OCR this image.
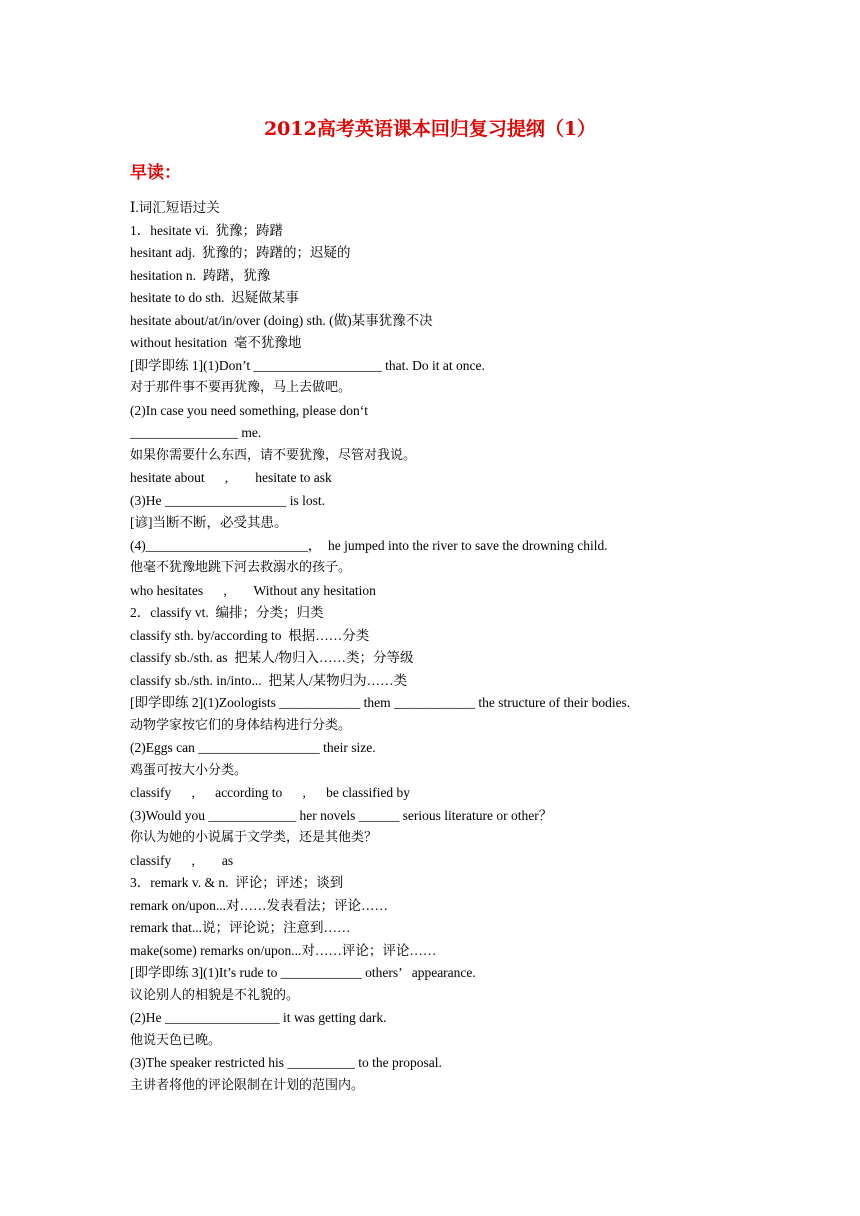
2012高考英语课本回归复习提纲（1）
早读：
Ⅰ.词汇短语过关
1．hesitate vi.  犹豫；踌躇
hesitant adj.  犹豫的；踌躇的；迟疑的
hesitation n.  踌躇，犹豫
hesitate to do sth.  迟疑做某事
hesitate about/at/in/over (doing) sth. (做)某事犹豫不决
without hesitation  毫不犹豫地
[即学即练 1](1)Don’t ___________________ that. Do it at once.
对于那件事不要再犹豫，马上去做吧。
(2)In case you need something, please don‘t
________________ me.
如果你需要什么东西，请不要犹豫，尽管对我说。
hesitate about      ,        hesitate to ask
(3)He __________________ is lost.
[谚]当断不断，必受其患。
(4)________________________，  he jumped into the river to save the drowning child.
他毫不犹豫地跳下河去救溺水的孩子。
who hesitates      ,        Without any hesitation
2．classify vt.  编排；分类；归类
classify sth. by/according to  根据……分类
classify sb./sth. as  把某人/物归入……类；分等级
classify sb./sth. in/into...  把某人/某物归为……类
[即学即练 2](1)Zoologists ____________ them ____________ the structure of their bodies.
动物学家按它们的身体结构进行分类。
(2)Eggs can __________________ their size.
鸡蛋可按大小分类。
classify      ,      according to      ,      be classified by
(3)Would you _____________ her novels ______ serious literature or other？
你认为她的小说属于文学类，还是其他类？
classify      ,        as
3．remark v. & n.  评论；评述；谈到
remark on/upon...对……发表看法；评论……
remark that...说；评论说；注意到……
make(some) remarks on/upon...对……评论；评论……
[即学即练 3](1)It’s rude to ____________ others’   appearance.
议论别人的相貌是不礼貌的。
(2)He _________________ it was getting dark.
他说天色已晚。
(3)The speaker restricted his __________ to the proposal.
主讲者将他的评论限制在计划的范围内。
